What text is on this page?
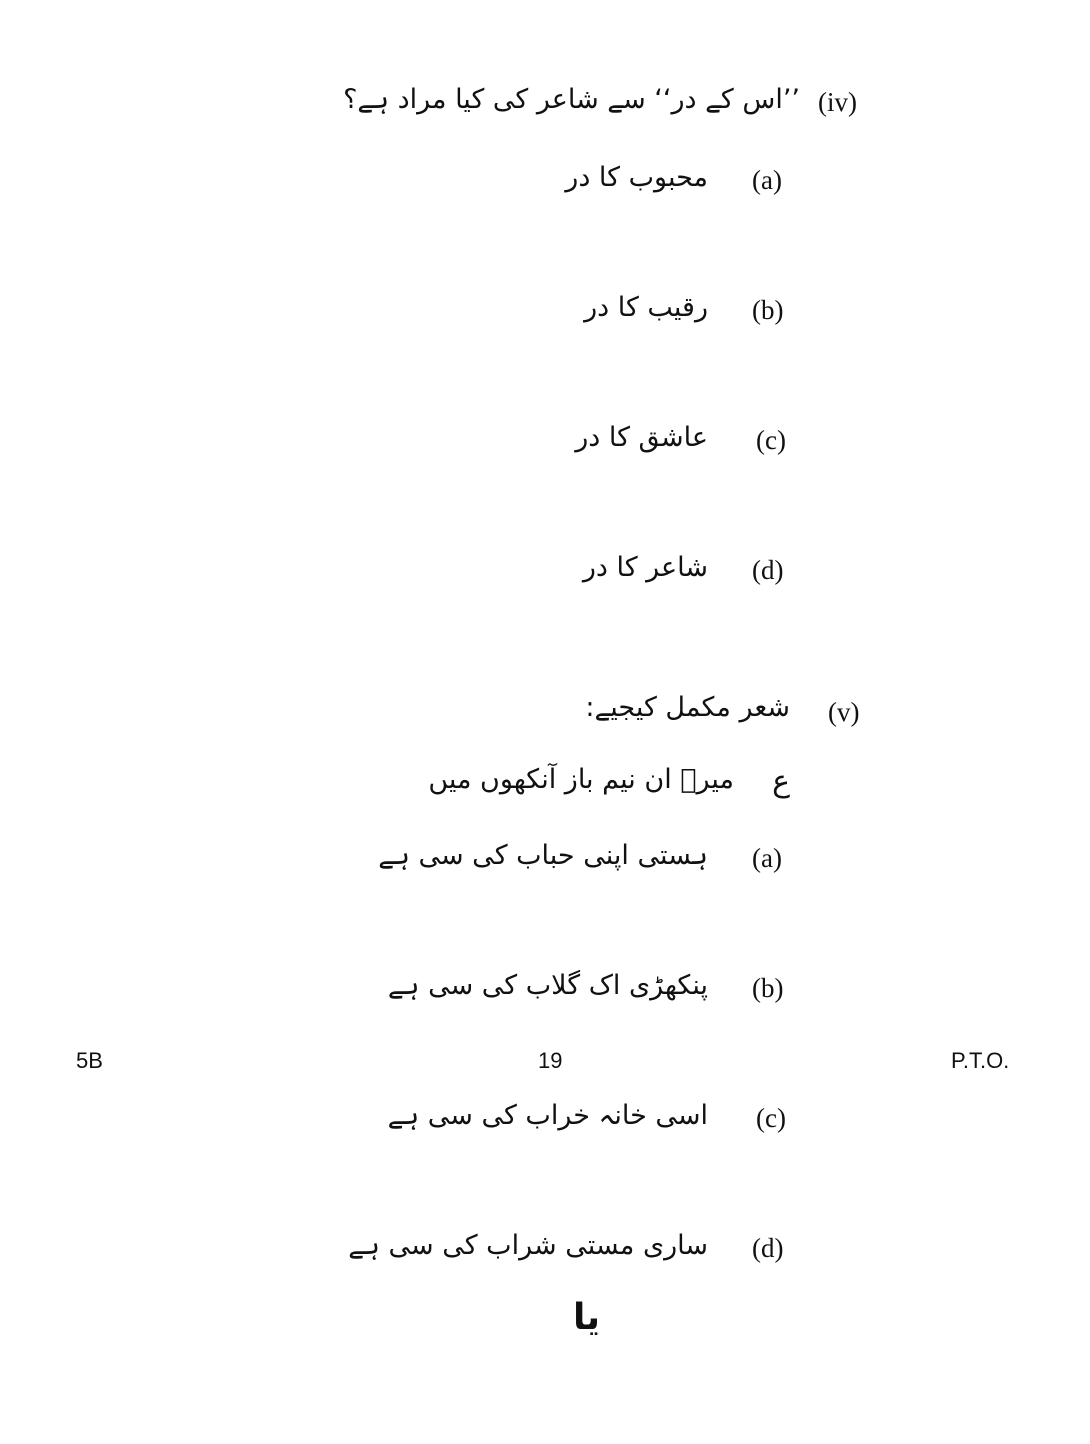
(iv)
’’اس کے در‘‘ سے شاعر کی کیا مراد ہے؟
(a)
محبوب کا در
(b)
رقیب کا در
(c)
عاشق کا در
(d)
شاعر کا در
(v)
شعر مکمل کیجیے:
ع
میرؔ ان نیم باز آنکھوں میں
(a)
ہستی اپنی حباب کی سی ہے
(b)
پنکھڑی اک گلاب کی سی ہے
(c)
اسی خانہ خراب کی سی ہے
(d)
ساری مستی شراب کی سی ہے
یا
5B	19	P.T.O.
